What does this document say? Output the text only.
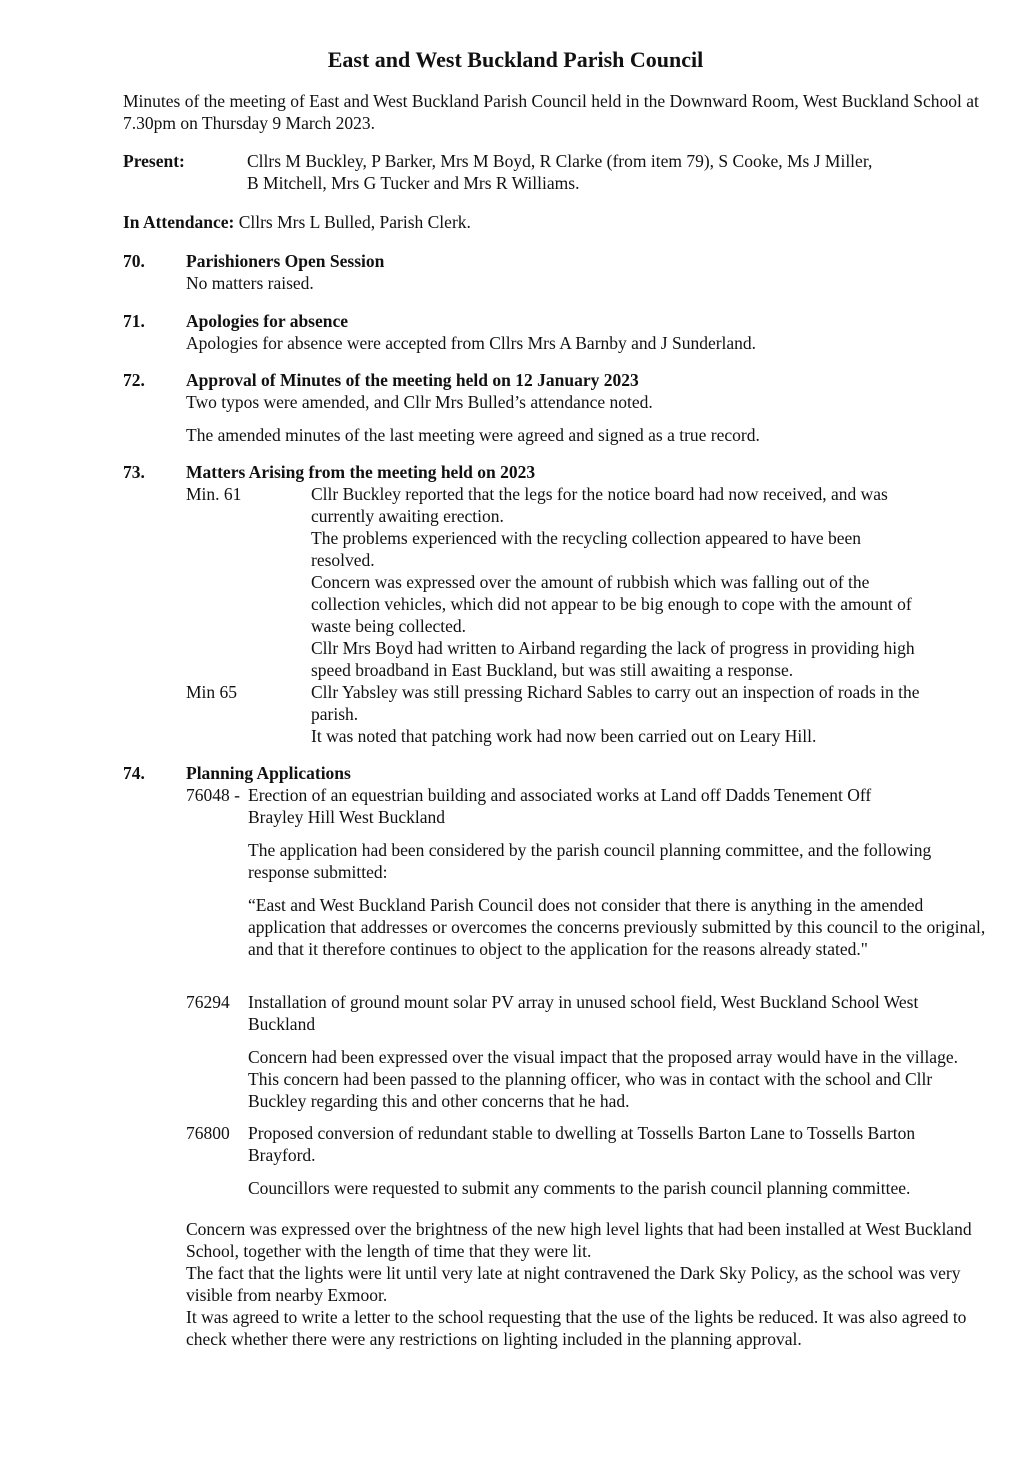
East and West Buckland Parish Council

Minutes of the meeting of East and West Buckland Parish Council held in the Downward Room, West Buckland School at 7.30pm on Thursday 9 March 2023.

Present:	Cllrs M Buckley, P Barker, Mrs M Boyd, R Clarke (from item 79), S Cooke, Ms J Miller,

B Mitchell, Mrs G Tucker and Mrs R Williams.

In Attendance: Cllrs Mrs L Bulled, Parish Clerk.
70. Parishioners Open Session

No matters raised.

71. Apologies for absence

Apologies for absence were accepted from Cllrs Mrs A Barnby and J Sunderland.

72. Approval of Minutes of the meeting held on 12 January 2023

Two typos were amended, and Cllr Mrs Bulled’s attendance noted.

The amended minutes of the last meeting were agreed and signed as a true record.

73. Matters Arising from the meeting held on 2023
Min. 61	Cllr Buckley reported that the legs for the notice board had now received, and was

currently awaiting erection.

The problems experienced with the recycling collection appeared to have been

resolved.

Concern was expressed over the amount of rubbish which was falling out of the

collection vehicles, which did not appear to be big enough to cope with the amount of

waste being collected.

Cllr Mrs Boyd had written to Airband regarding the lack of progress in providing high

speed broadband in East Buckland, but was still awaiting a response.

Min 65	Cllr Yabsley was still pressing Richard Sables to carry out an inspection of roads in the

parish.

It was noted that patching work had now been carried out on Leary Hill.

74. Planning Applications
76048 - Erection of an equestrian building and associated works at Land off Dadds Tenement Off

Brayley Hill West Buckland

The application had been considered by the parish council planning committee, and the following response submitted:

“East and West Buckland Parish Council does not consider that there is anything in the amended application that addresses or overcomes the concerns previously submitted by this council to the original, and that it therefore continues to object to the application for the reasons already stated."

76294 Installation of ground mount solar PV array in unused school field, West Buckland School West

Buckland

Concern had been expressed over the visual impact that the proposed array would have in the village. This concern had been passed to the planning officer, who was in contact with the school and Cllr Buckley regarding this and other concerns that he had.

76800 Proposed conversion of redundant stable to dwelling at Tossells Barton Lane to Tossells Barton

Brayford.

Councillors were requested to submit any comments to the parish council planning committee.

Concern was expressed over the brightness of the new high level lights that had been installed at West Buckland School, together with the length of time that they were lit.

The fact that the lights were lit until very late at night contravened the Dark Sky Policy, as the school was very visible from nearby Exmoor.

It was agreed to write a letter to the school requesting that the use of the lights be reduced. It was also agreed to check whether there were any restrictions on lighting included in the planning approval.
